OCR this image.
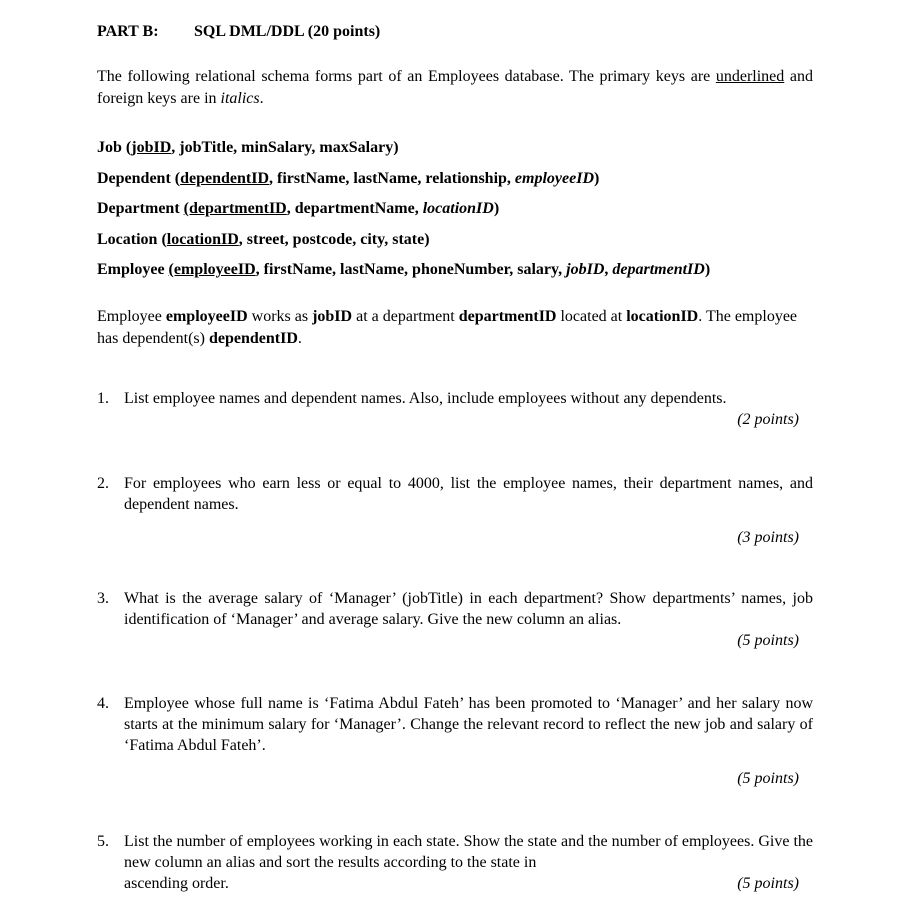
PART B:	SQL DML/DDL (20 points)
The following relational schema forms part of an Employees database. The primary keys are underlined and foreign keys are in italics.
Job (jobID, jobTitle, minSalary, maxSalary)
Dependent (dependentID, firstName, lastName, relationship, employeeID)
Department (departmentID, departmentName, locationID)
Location (locationID, street, postcode, city, state)
Employee (employeeID, firstName, lastName, phoneNumber, salary, jobID, departmentID)
Employee employeeID works as jobID at a department departmentID located at locationID. The employee has dependent(s) dependentID.
1. List employee names and dependent names. Also, include employees without any dependents.
(2 points)
2. For employees who earn less or equal to 4000, list the employee names, their department names, and dependent names.
(3 points)
3. What is the average salary of ‘Manager’ (jobTitle) in each department? Show departments’ names, job identification of ‘Manager’ and average salary. Give the new column an alias.
(5 points)
4. Employee whose full name is ‘Fatima Abdul Fateh’ has been promoted to ‘Manager’ and her salary now starts at the minimum salary for ‘Manager’. Change the relevant record to reflect the new job and salary of ‘Fatima Abdul Fateh’.
(5 points)
5. List the number of employees working in each state. Show the state and the number of employees. Give the new column an alias and sort the results according to the state in
ascending order.	(5 points)
